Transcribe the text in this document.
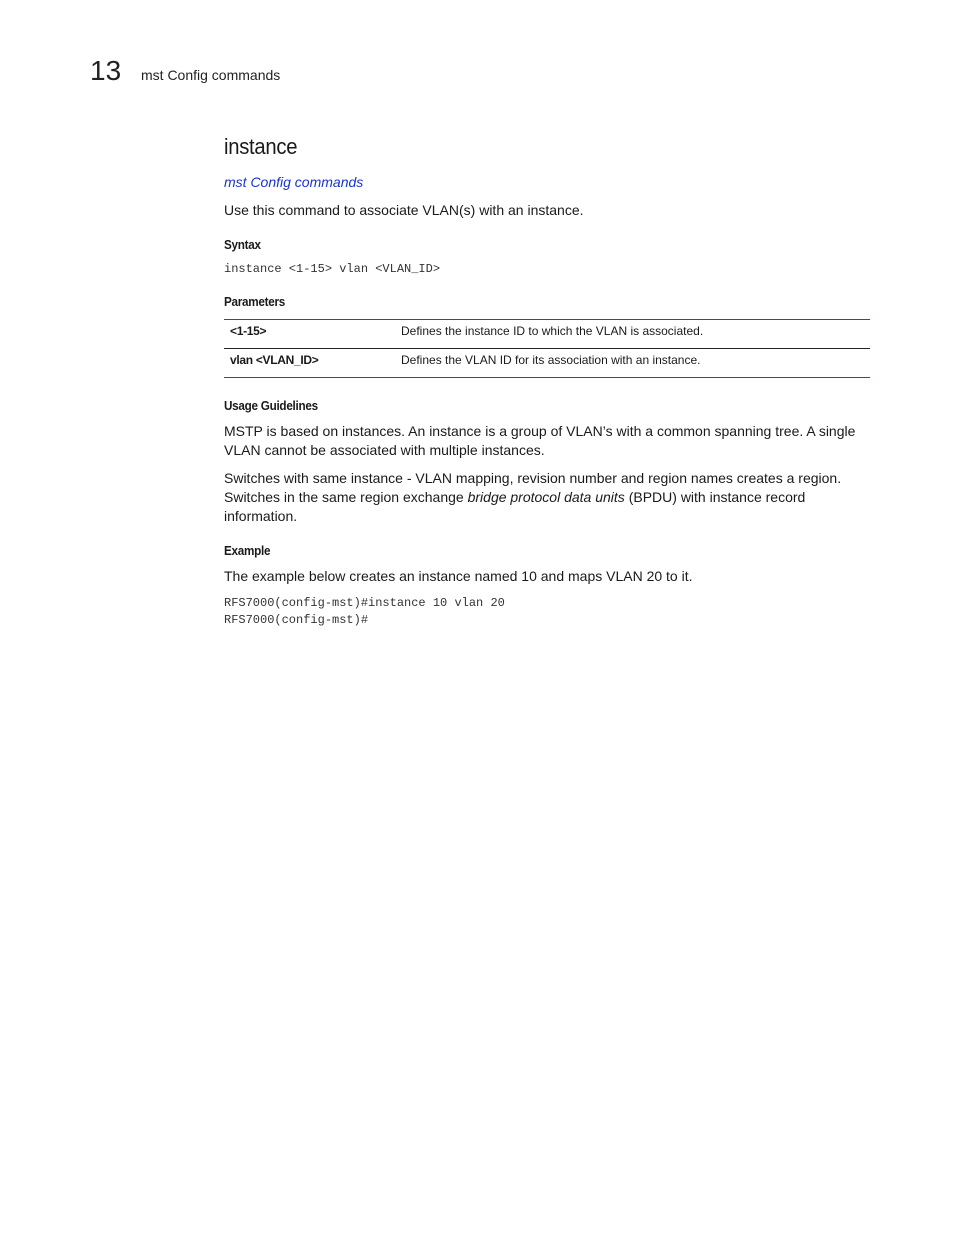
13 mst Config commands
instance
mst Config commands

Use this command to associate VLAN(s) with an instance.

Syntax
instance <1-15> vlan <VLAN_ID>
Parameters
<1-15>	Defines the instance ID to which the VLAN is associated.
vlan <VLAN_ID>	Defines the VLAN ID for its association with an instance.
Usage Guidelines

MSTP is based on instances. An instance is a group of VLAN’s with a common spanning tree. A single VLAN cannot be associated with multiple instances.

Switches with same instance - VLAN mapping, revision number and region names creates a region. Switches in the same region exchange bridge protocol data units (BPDU) with instance record information.

Example

The example below creates an instance named 10 and maps VLAN 20 to it.

RFS7000(config-mst)#instance 10 vlan 20
RFS7000(config-mst)#
